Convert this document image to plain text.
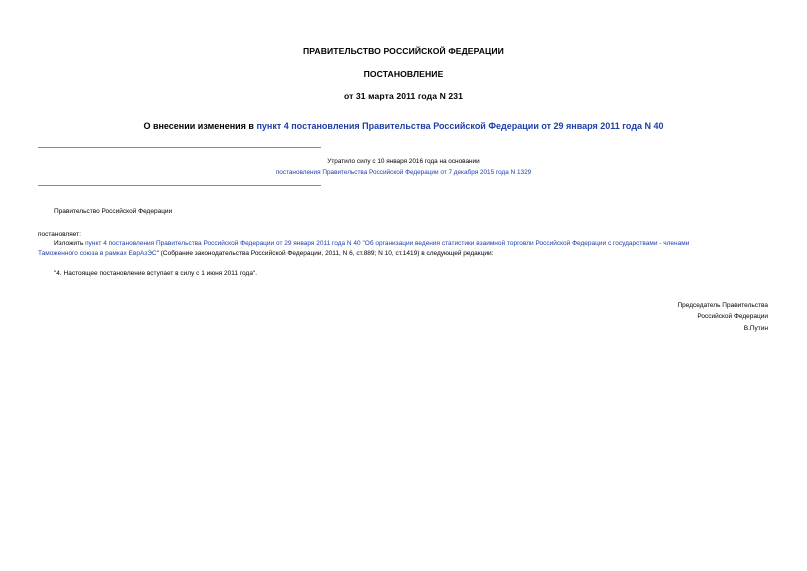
ПРАВИТЕЛЬСТВО РОССИЙСКОЙ ФЕДЕРАЦИИ
ПОСТАНОВЛЕНИЕ
от 31 марта 2011 года N 231
О внесении изменения в пункт 4 постановления Правительства Российской Федерации от 29 января 2011 года N 40
Утратило силу с 10 января 2016 года на основании
постановления Правительства Российской Федерации от 7 декабря 2015 года N 1329
Правительство Российской Федерации
постановляет:
Изложить пункт 4 постановления Правительства Российской Федерации от 29 января 2011 года N 40 "Об организации ведения статистики взаимной торговли Российской Федерации с государствами - членами
Таможенного союза в рамках ЕврАзЭС" (Собрание законодательства Российской Федерации, 2011, N 6, ст.889; N 10, ст.1419) в следующей редакции:
"4. Настоящее постановление вступает в силу с 1 июня 2011 года".
Председатель Правительства
Российской Федерации
В.Путин
